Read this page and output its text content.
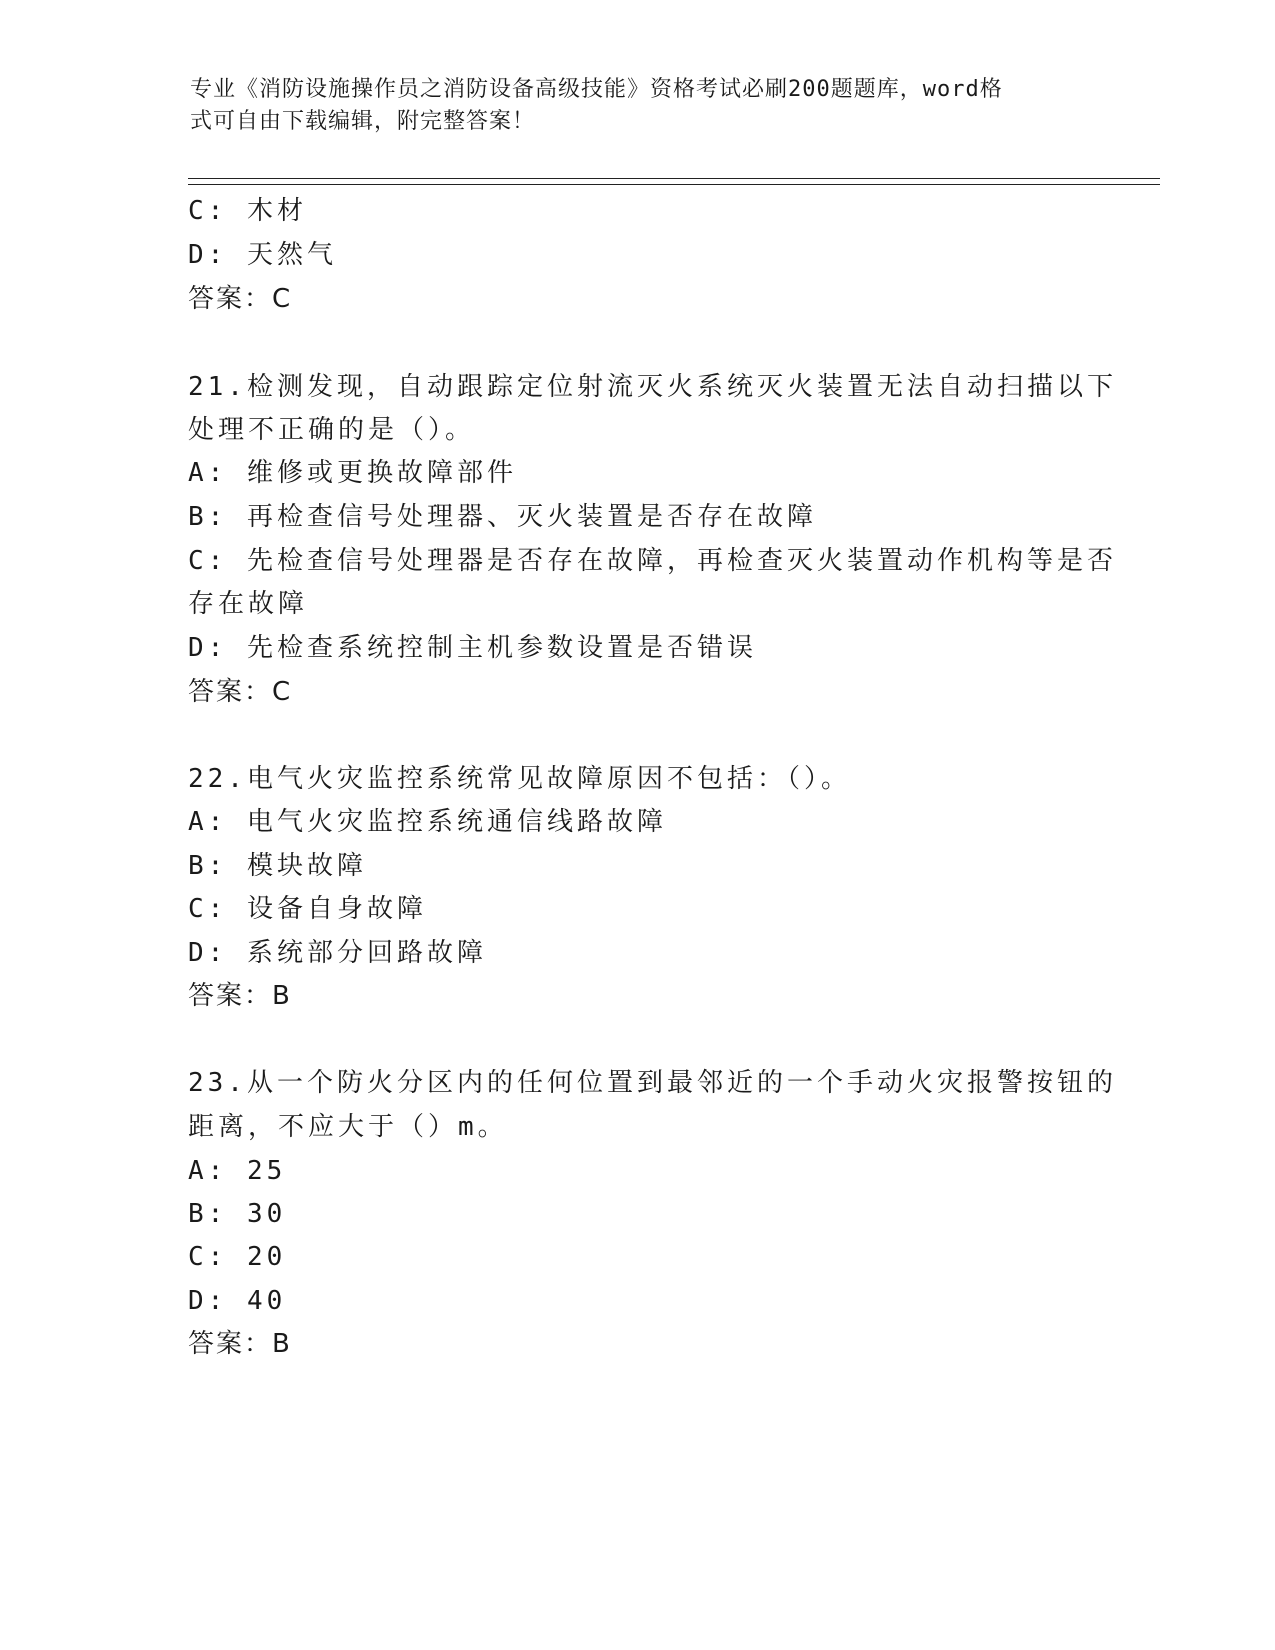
专业《消防设施操作员之消防设备高级技能》资格考试必刷200题题库，word格
式可自由下载编辑，附完整答案！
C: 木材
D: 天然气
答案：C
21.检测发现，自动跟踪定位射流灭火系统灭火装置无法自动扫描以下
处理不正确的是（）。
A: 维修或更换故障部件
B: 再检查信号处理器、灭火装置是否存在故障
C: 先检查信号处理器是否存在故障，再检查灭火装置动作机构等是否
存在故障
D: 先检查系统控制主机参数设置是否错误
答案：C
22.电气火灾监控系统常见故障原因不包括：（）。
A: 电气火灾监控系统通信线路故障
B: 模块故障
C: 设备自身故障
D: 系统部分回路故障
答案：B
23.从一个防火分区内的任何位置到最邻近的一个手动火灾报警按钮的
距离，不应大于（）m。
A: 25
B: 30
C: 20
D: 40
答案：B
